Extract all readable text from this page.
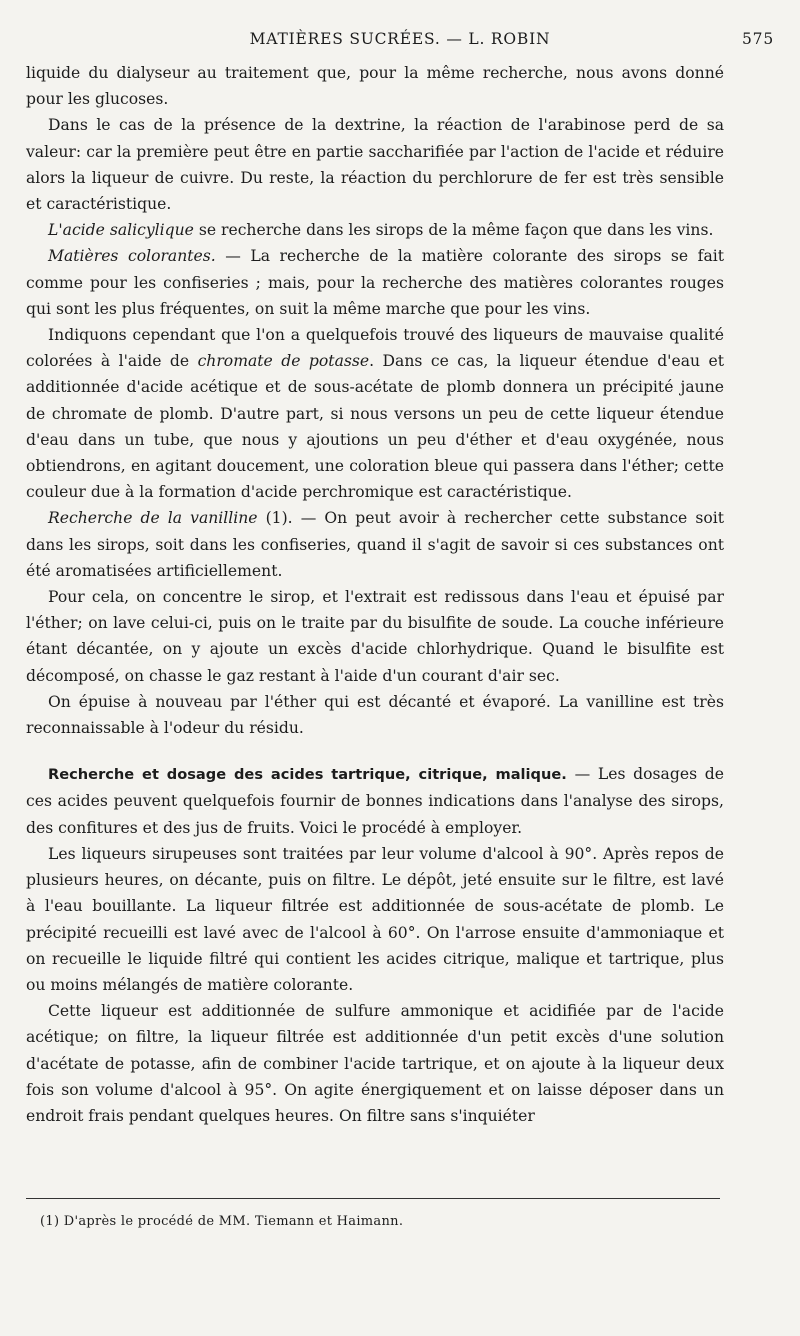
MATIÈRES SUCRÉES. — L. ROBIN	575

liquide du dialyseur au traitement que, pour la même recherche, nous avons donné pour les glucoses.

Dans le cas de la présence de la dextrine, la réaction de l'arabinose perd de sa valeur: car la première peut être en partie saccharifiée par l'action de l'acide et réduire alors la liqueur de cuivre. Du reste, la réaction du perchlorure de fer est très sensible et caractéristique.

L'acide salicylique se recherche dans les sirops de la même façon que dans les vins.

Matières colorantes. — La recherche de la matière colorante des sirops se fait comme pour les confiseries ; mais, pour la recherche des matières colorantes rouges qui sont les plus fréquentes, on suit la même marche que pour les vins.

Indiquons cependant que l'on a quelquefois trouvé des liqueurs de mauvaise qualité colorées à l'aide de chromate de potasse. Dans ce cas, la liqueur étendue d'eau et additionnée d'acide acétique et de sous-acétate de plomb donnera un précipité jaune de chromate de plomb. D'autre part, si nous versons un peu de cette liqueur étendue d'eau dans un tube, que nous y ajoutions un peu d'éther et d'eau oxygénée, nous obtiendrons, en agitant doucement, une coloration bleue qui passera dans l'éther; cette couleur due à la formation d'acide perchromique est caractéristique.

Recherche de la vanilline (1). — On peut avoir à rechercher cette substance soit dans les sirops, soit dans les confiseries, quand il s'agit de savoir si ces substances ont été aromatisées artificiellement.

Pour cela, on concentre le sirop, et l'extrait est redissous dans l'eau et épuisé par l'éther; on lave celui-ci, puis on le traite par du bisulfite de soude. La couche inférieure étant décantée, on y ajoute un excès d'acide chlorhydrique. Quand le bisulfite est décomposé, on chasse le gaz restant à l'aide d'un courant d'air sec.

On épuise à nouveau par l'éther qui est décanté et évaporé. La vanilline est très reconnaissable à l'odeur du résidu.

Recherche et dosage des acides tartrique, citrique, malique. — Les dosages de ces acides peuvent quelquefois fournir de bonnes indications dans l'analyse des sirops, des confitures et des jus de fruits. Voici le procédé à employer.

Les liqueurs sirupeuses sont traitées par leur volume d'alcool à 90°. Après repos de plusieurs heures, on décante, puis on filtre. Le dépôt, jeté ensuite sur le filtre, est lavé à l'eau bouillante. La liqueur filtrée est additionnée de sous-acétate de plomb. Le précipité recueilli est lavé avec de l'alcool à 60°. On l'arrose ensuite d'ammoniaque et on recueille le liquide filtré qui contient les acides citrique, malique et tartrique, plus ou moins mélangés de matière colorante.

Cette liqueur est additionnée de sulfure ammonique et acidifiée par de l'acide acétique; on filtre, la liqueur filtrée est additionnée d'un petit excès d'une solution d'acétate de potasse, afin de combiner l'acide tartrique, et on ajoute à la liqueur deux fois son volume d'alcool à 95°. On agite énergiquement et on laisse déposer dans un endroit frais pendant quelques heures. On filtre sans s'inquiéter

(1) D'après le procédé de MM. Tiemann et Haimann.
